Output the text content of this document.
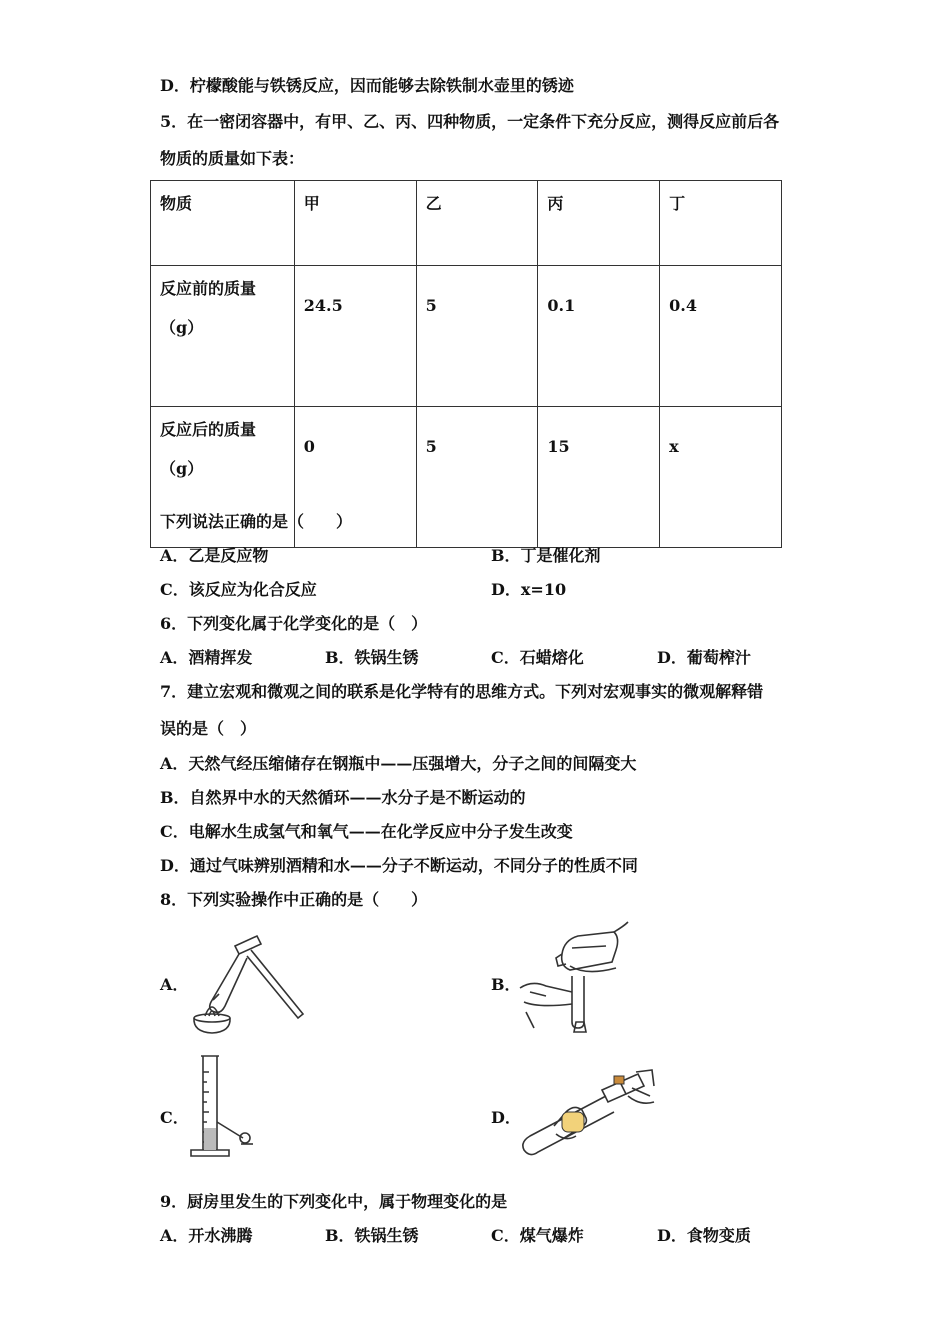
D．柠檬酸能与铁锈反应，因而能够去除铁制水壶里的锈迹
5．在一密闭容器中，有甲、乙、丙、四种物质，一定条件下充分反应，测得反应前后各
物质的质量如下表：
物质	甲	乙	丙	丁

反应前的质量
（g）	24.5	5	0.1	0.4

反应后的质量
（g）	0	5	15	x
下列说法正确的是（　　）
A．乙是反应物	B．丁是催化剂
C．该反应为化合反应	D．x=10
6．下列变化属于化学变化的是（　）
A．酒精挥发	B．铁锅生锈	C．石蜡熔化	D．葡萄榨汁
7．建立宏观和微观之间的联系是化学特有的思维方式。下列对宏观事实的微观解释错
误的是（　）
A．天然气经压缩储存在钢瓶中——压强增大，分子之间的间隔变大
B．自然界中水的天然循环——水分子是不断运动的
C．电解水生成氢气和氧气——在化学反应中分子发生改变
D．通过气味辨别酒精和水——分子不断运动，不同分子的性质不同
8．下列实验操作中正确的是（　　）
A．	B．
C．	D．
9．厨房里发生的下列变化中，属于物理变化的是
A．开水沸腾	B．铁锅生锈	C．煤气爆炸	D．食物变质
